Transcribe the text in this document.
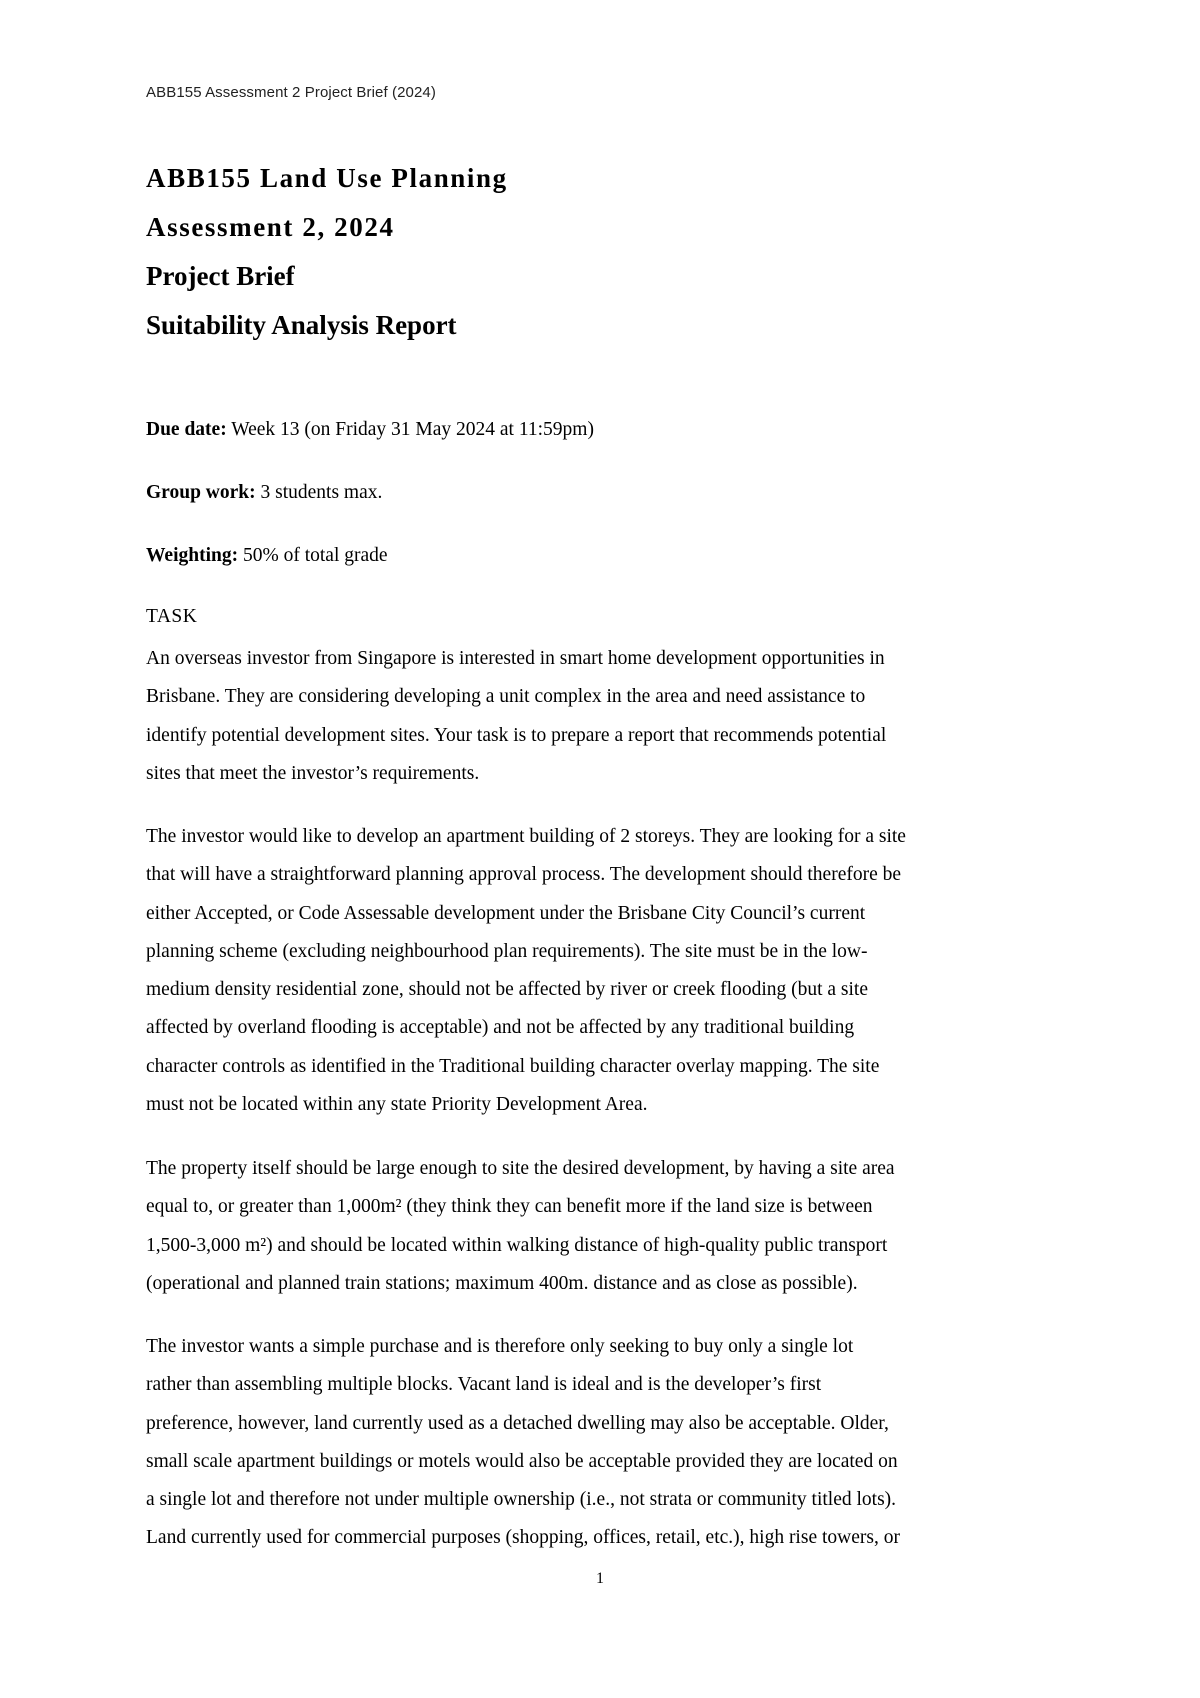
ABB155 Assessment 2 Project Brief (2024)
ABB155 Land Use Planning
Assessment 2, 2024
Project Brief
Suitability Analysis Report
Due date: Week 13 (on Friday 31 May 2024 at 11:59pm)
Group work: 3 students max.
Weighting: 50% of total grade
TASK
An overseas investor from Singapore is interested in smart home development opportunities in
Brisbane. They are considering developing a unit complex in the area and need assistance to
identify potential development sites. Your task is to prepare a report that recommends potential
sites that meet the investor’s requirements.
The investor would like to develop an apartment building of 2 storeys. They are looking for a site
that will have a straightforward planning approval process. The development should therefore be
either Accepted, or Code Assessable development under the Brisbane City Council’s current
planning scheme (excluding neighbourhood plan requirements). The site must be in the low-
medium density residential zone, should not be affected by river or creek flooding (but a site
affected by overland flooding is acceptable) and not be affected by any traditional building
character controls as identified in the Traditional building character overlay mapping. The site
must not be located within any state Priority Development Area.
The property itself should be large enough to site the desired development, by having a site area
equal to, or greater than 1,000m² (they think they can benefit more if the land size is between
1,500-3,000 m²) and should be located within walking distance of high-quality public transport
(operational and planned train stations; maximum 400m. distance and as close as possible).
The investor wants a simple purchase and is therefore only seeking to buy only a single lot
rather than assembling multiple blocks. Vacant land is ideal and is the developer’s first
preference, however, land currently used as a detached dwelling may also be acceptable. Older,
small scale apartment buildings or motels would also be acceptable provided they are located on
a single lot and therefore not under multiple ownership (i.e., not strata or community titled lots).
Land currently used for commercial purposes (shopping, offices, retail, etc.), high rise towers, or
1
